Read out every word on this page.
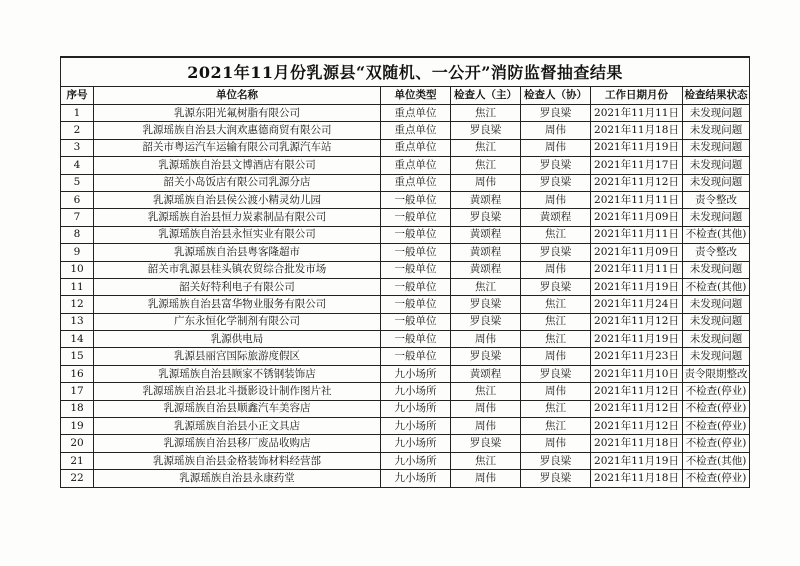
2021年11月份乳源县“双随机、一公开”消防监督抽查结果						
序号	单位名称	单位类型	检查人（主）	检查人（协）	工作日期月份	检查结果状态
1	乳源东阳光氟树脂有限公司	重点单位	焦江	罗良梁	2021年11月11日	未发现问题
2	乳源瑶族自治县大润欢惠德商贸有限公司	重点单位	罗良梁	周伟	2021年11月18日	未发现问题
3	韶关市粤运汽车运输有限公司乳源汽车站	重点单位	焦江	周伟	2021年11月19日	未发现问题
4	乳源瑶族自治县文博酒店有限公司	重点单位	焦江	罗良梁	2021年11月17日	未发现问题
5	韶关小岛饭店有限公司乳源分店	重点单位	周伟	罗良梁	2021年11月12日	未发现问题
6	乳源瑶族自治县侯公渡小精灵幼儿园	一般单位	黄颂程	周伟	2021年11月11日	责令整改
7	乳源瑶族自治县恒力炭素制品有限公司	一般单位	罗良梁	黄颂程	2021年11月09日	未发现问题
8	乳源瑶族自治县永恒实业有限公司	一般单位	黄颂程	焦江	2021年11月11日	不检查(其他)
9	乳源瑶族自治县粤客隆超市	一般单位	黄颂程	罗良梁	2021年11月09日	责令整改
10	韶关市乳源县桂头镇农贸综合批发市场	一般单位	黄颂程	周伟	2021年11月11日	未发现问题
11	韶关好特利电子有限公司	一般单位	焦江	罗良梁	2021年11月19日	不检查(其他)
12	乳源瑶族自治县富华物业服务有限公司	一般单位	罗良梁	焦江	2021年11月24日	未发现问题
13	广东永恒化学制剂有限公司	一般单位	罗良梁	焦江	2021年11月12日	未发现问题
14	乳源供电局	一般单位	周伟	焦江	2021年11月19日	未发现问题
15	乳源县丽宫国际旅游度假区	一般单位	罗良梁	周伟	2021年11月23日	未发现问题
16	乳源瑶族自治县顾家不锈钢装饰店	九小场所	黄颂程	罗良梁	2021年11月10日	责令限期整改
17	乳源瑶族自治县北斗摄影设计制作图片社	九小场所	焦江	周伟	2021年11月12日	不检查(停业)
18	乳源瑶族自治县顺鑫汽车美容店	九小场所	周伟	焦江	2021年11月12日	不检查(停业)
19	乳源瑶族自治县小正文具店	九小场所	周伟	焦江	2021年11月12日	不检查(停业)
20	乳源瑶族自治县移厂废品收购店	九小场所	罗良梁	周伟	2021年11月18日	不检查(停业)
21	乳源瑶族自治县金格装饰材料经营部	九小场所	焦江	罗良梁	2021年11月19日	不检查(其他)
22	乳源瑶族自治县永康药堂	九小场所	周伟	罗良梁	2021年11月18日	不检查(停业)
